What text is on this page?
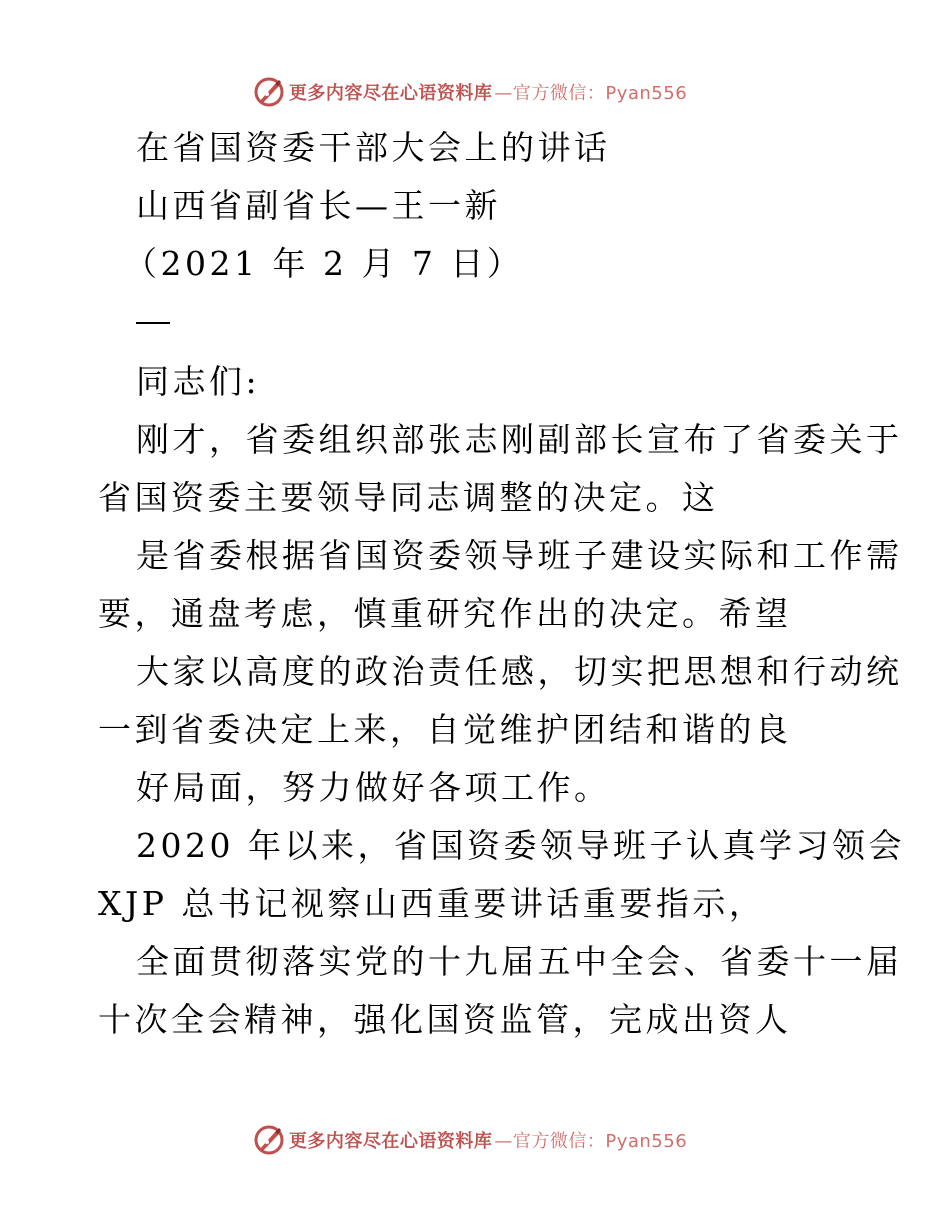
更多内容尽在心语资料库 —官方微信：Pyan556
在省国资委干部大会上的讲话
山西省副省长—王一新
（2021 年 2 月 7 日）
同志们:
刚才，省委组织部张志刚副部长宣布了省委关于
省国资委主要领导同志调整的决定。这
是省委根据省国资委领导班子建设实际和工作需
要，通盘考虑，慎重研究作出的决定。希望
大家以高度的政治责任感，切实把思想和行动统
一到省委决定上来，自觉维护团结和谐的良
好局面，努力做好各项工作。
2020 年以来，省国资委领导班子认真学习领会
XJP 总书记视察山西重要讲话重要指示，
全面贯彻落实党的十九届五中全会、省委十一届
十次全会精神，强化国资监管，完成出资人
更多内容尽在心语资料库 —官方微信：Pyan556
